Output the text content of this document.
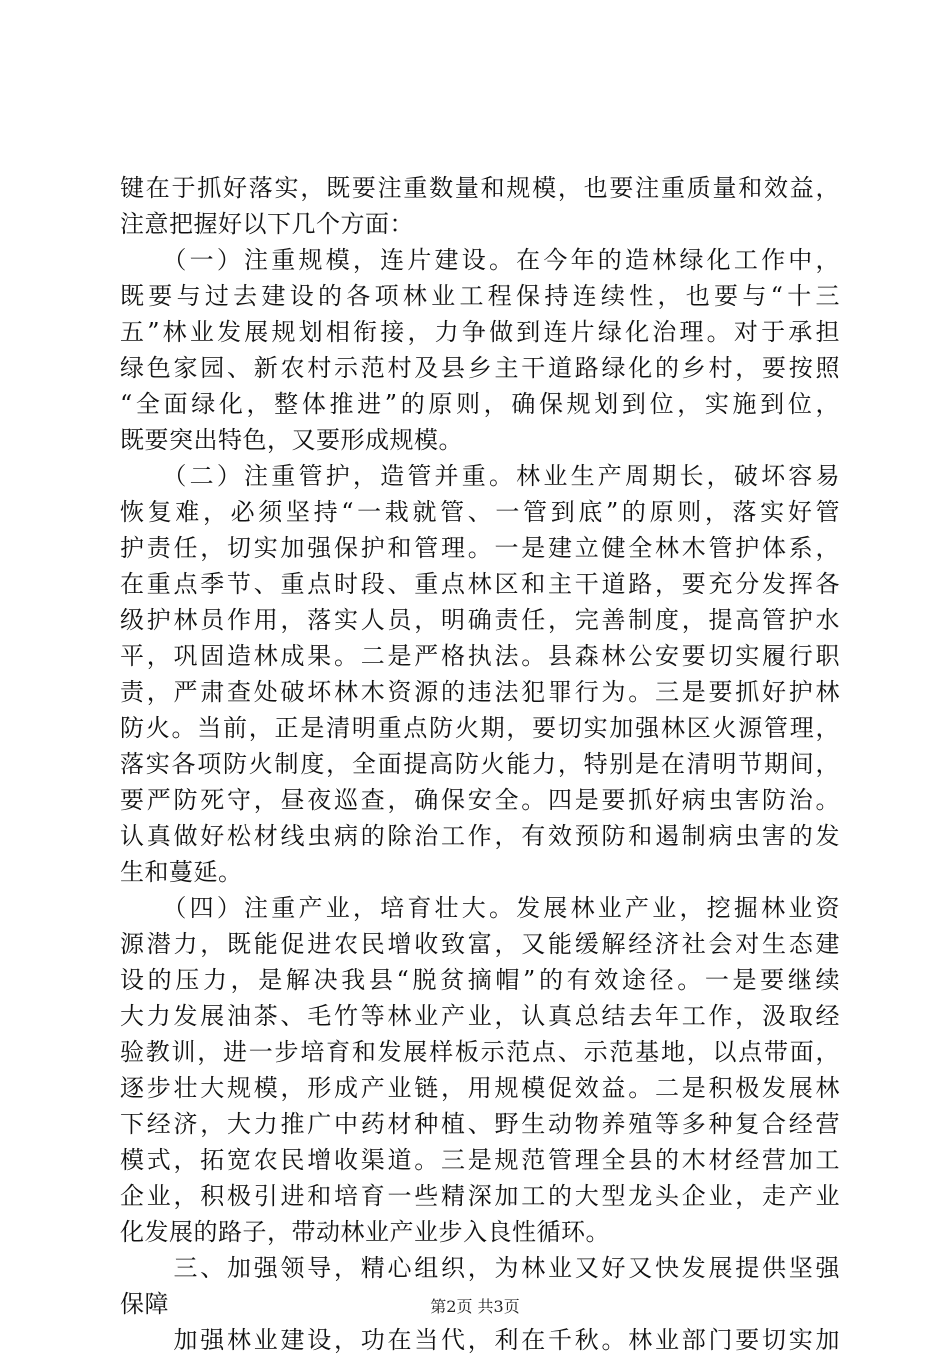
键在于抓好落实，既要注重数量和规模，也要注重质量和效益，
注意把握好以下几个方面：
　　（一）注重规模，连片建设。在今年的造林绿化工作中，
既要与过去建设的各项林业工程保持连续性，也要与“十三
五”林业发展规划相衔接，力争做到连片绿化治理。对于承担
绿色家园、新农村示范村及县乡主干道路绿化的乡村，要按照
“全面绿化，整体推进”的原则，确保规划到位，实施到位，
既要突出特色，又要形成规模。
　　（二）注重管护，造管并重。林业生产周期长，破坏容易
恢复难，必须坚持“一栽就管、一管到底”的原则，落实好管
护责任，切实加强保护和管理。一是建立健全林木管护体系，
在重点季节、重点时段、重点林区和主干道路，要充分发挥各
级护林员作用，落实人员，明确责任，完善制度，提高管护水
平，巩固造林成果。二是严格执法。县森林公安要切实履行职
责，严肃查处破坏林木资源的违法犯罪行为。三是要抓好护林
防火。当前，正是清明重点防火期，要切实加强林区火源管理，
落实各项防火制度，全面提高防火能力，特别是在清明节期间，
要严防死守，昼夜巡查，确保安全。四是要抓好病虫害防治。
认真做好松材线虫病的除治工作，有效预防和遏制病虫害的发
生和蔓延。
　　（四）注重产业，培育壮大。发展林业产业，挖掘林业资
源潜力，既能促进农民增收致富，又能缓解经济社会对生态建
设的压力，是解决我县“脱贫摘帽”的有效途径。一是要继续
大力发展油茶、毛竹等林业产业，认真总结去年工作，汲取经
验教训，进一步培育和发展样板示范点、示范基地，以点带面，
逐步壮大规模，形成产业链，用规模促效益。二是积极发展林
下经济，大力推广中药材种植、野生动物养殖等多种复合经营
模式，拓宽农民增收渠道。三是规范管理全县的木材经营加工
企业，积极引进和培育一些精深加工的大型龙头企业，走产业
化发展的路子，带动林业产业步入良性循环。
　　三、加强领导，精心组织，为林业又好又快发展提供坚强
保障
　　加强林业建设，功在当代，利在千秋。林业部门要切实加
第2页 共3页
